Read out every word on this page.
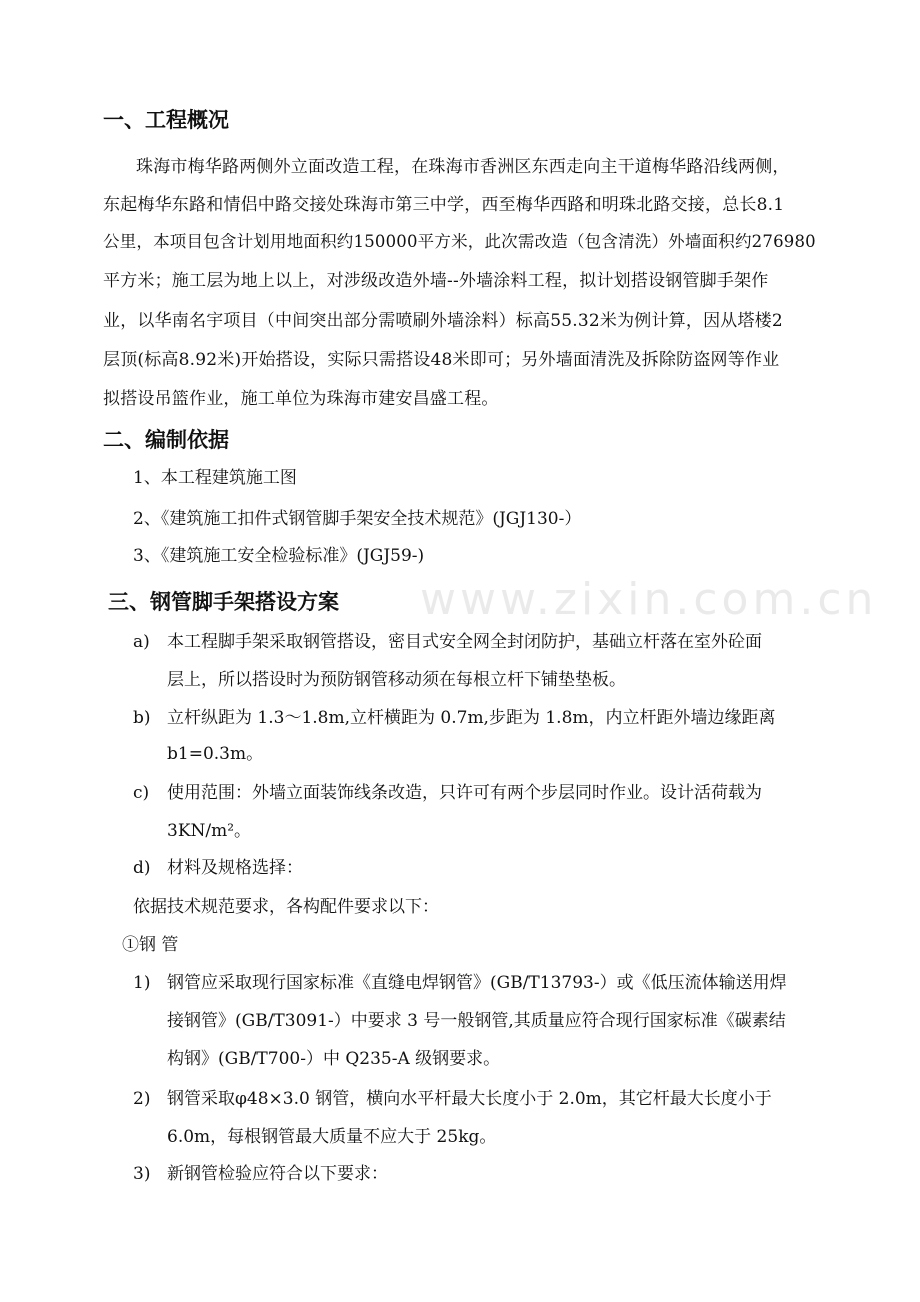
www.zixin.com.cn
一、工程概况
珠海市梅华路两侧外立面改造工程，在珠海市香洲区东西走向主干道梅华路沿线两侧，
东起梅华东路和情侣中路交接处珠海市第三中学，西至梅华西路和明珠北路交接，总长8.1
公里，本项目包含计划用地面积约150000平方米，此次需改造（包含清洗）外墙面积约276980
平方米；施工层为地上以上，对涉级改造外墙--外墙涂料工程，拟计划搭设钢管脚手架作
业，以华南名宇项目（中间突出部分需喷刷外墙涂料）标高55.32米为例计算，因从塔楼2
层顶(标高8.92米)开始搭设，实际只需搭设48米即可；另外墙面清洗及拆除防盗网等作业
拟搭设吊篮作业，施工单位为珠海市建安昌盛工程。
二、编制依据
1、本工程建筑施工图
2、《建筑施工扣件式钢管脚手架安全技术规范》(JGJ130-）
3、《建筑施工安全检验标准》(JGJ59-)
三、钢管脚手架搭设方案
a) 本工程脚手架采取钢管搭设，密目式安全网全封闭防护，基础立杆落在室外砼面
层上，所以搭设时为预防钢管移动须在每根立杆下铺垫垫板。
b) 立杆纵距为 1.3～1.8m,立杆横距为 0.7m,步距为 1.8m，内立杆距外墙边缘距离
b1=0.3m。
c) 使用范围：外墙立面装饰线条改造，只许可有两个步层同时作业。设计活荷载为
3KN/m²。
d) 材料及规格选择：
依据技术规范要求，各构配件要求以下：
①钢 管
1) 钢管应采取现行国家标准《直缝电焊钢管》(GB/T13793-）或《低压流体输送用焊
接钢管》(GB/T3091-）中要求 3 号一般钢管,其质量应符合现行国家标准《碳素结
构钢》(GB/T700-）中 Q235-A 级钢要求。
2) 钢管采取φ48×3.0 钢管，横向水平杆最大长度小于 2.0m，其它杆最大长度小于
6.0m，每根钢管最大质量不应大于 25kg。
3) 新钢管检验应符合以下要求：
